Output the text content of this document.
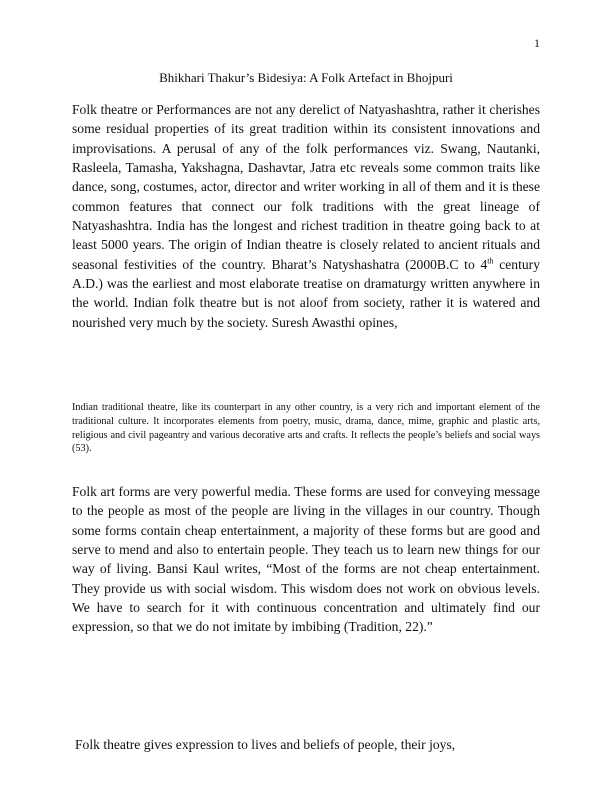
1
Bhikhari Thakur’s Bidesiya: A Folk Artefact in Bhojpuri

Folk theatre or Performances are not any derelict of Natyashashtra, rather it cherishes some residual properties of its great tradition within its consistent innovations and improvisations. A perusal of any of the folk performances viz. Swang, Nautanki, Rasleela, Tamasha, Yakshagna, Dashavtar, Jatra etc reveals some common traits like dance, song, costumes, actor, director and writer working in all of them and it is these common features that connect our folk traditions with the great lineage of Natyashashtra. India has the longest and richest tradition in theatre going back to at least 5000 years. The origin of Indian theatre is closely related to ancient rituals and seasonal festivities of the country. Bharat’s Natyshashatra (2000B.C to 4th century A.D.) was the earliest and most elaborate treatise on dramaturgy written anywhere in the world. Indian folk theatre but is not aloof from society, rather it is watered and nourished very much by the society. Suresh Awasthi opines,

Indian traditional theatre, like its counterpart in any other country, is a very rich and important element of the traditional culture. It incorporates elements from poetry, music, drama, dance, mime, graphic and plastic arts, religious and civil pageantry and various decorative arts and crafts. It reflects the people’s beliefs and social ways (53).

Folk art forms are very powerful media. These forms are used for conveying message to the people as most of the people are living in the villages in our country. Though some forms contain cheap entertainment, a majority of these forms but are good and serve to mend and also to entertain people. They teach us to learn new things for our way of living. Bansi Kaul writes, “Most of the forms are not cheap entertainment. They provide us with social wisdom. This wisdom does not work on obvious levels. We have to search for it with continuous concentration and ultimately find our expression, so that we do not imitate by imbibing (Tradition, 22).”

Folk theatre gives expression to lives and beliefs of people, their joys,
